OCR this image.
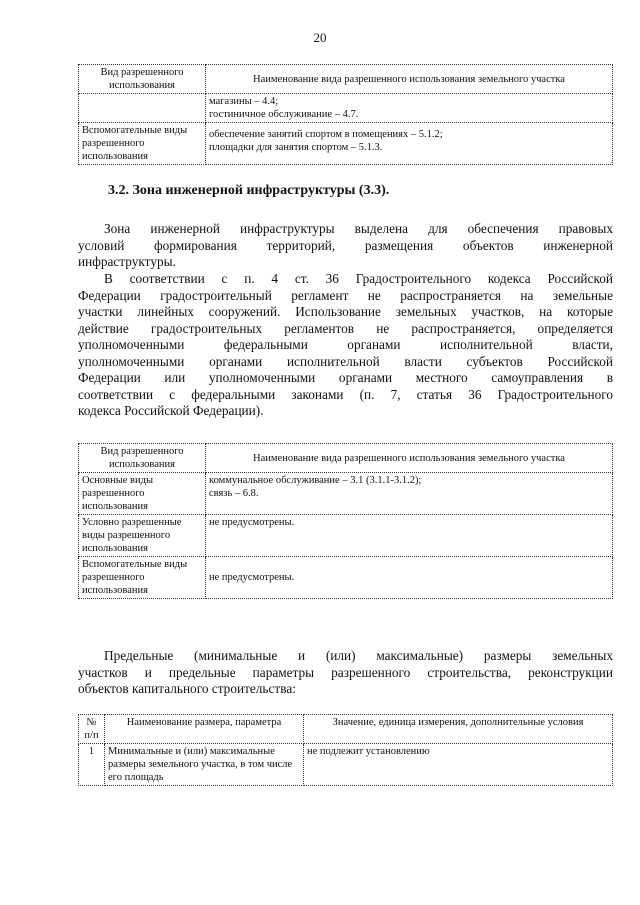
20
Вид разрешенного использования	Наименование вида разрешенного использования земельного участка

	магазины – 4.4;
гостиничное обслуживание – 4.7.

Вспомогательные виды разрешенного использования	обеспечение занятий спортом в помещениях – 5.1.2;
площадки для занятия спортом – 5.1.3.
3.2. Зона инженерной инфраструктуры (3.3).
Зона инженерной инфраструктуры выделена для обеспечения правовых
условий формирования территорий, размещения объектов инженерной
инфраструктуры.
В соответствии с п. 4 ст. 36 Градостроительного кодекса Российской
Федерации градостроительный регламент не распространяется на земельные
участки линейных сооружений. Использование земельных участков, на которые
действие градостроительных регламентов не распространяется, определяется
уполномоченными федеральными органами исполнительной власти,
уполномоченными органами исполнительной власти субъектов Российской
Федерации или уполномоченными органами местного самоуправления в
соответствии с федеральными законами (п. 7, статья 36 Градостроительного
кодекса Российской Федерации).
Вид разрешенного использования	Наименование вида разрешенного использования земельного участка
Основные виды разрешенного использования	коммунальное обслуживание – 3.1 (3.1.1-3.1.2);
связь – 6.8.

Условно разрешенные виды разрешенного использования	не предусмотрены.

Вспомогательные виды разрешенного использования	не предусмотрены.
Предельные (минимальные и (или) максимальные) размеры земельных
участков и предельные параметры разрешенного строительства, реконструкции
объектов капитального строительства:
№ п/п	Наименование размера, параметра	Значение, единица измерения, дополнительные условия
1	Минимальные и (или) максимальные размеры земельного участка, в том числе его площадь	не подлежит установлению
